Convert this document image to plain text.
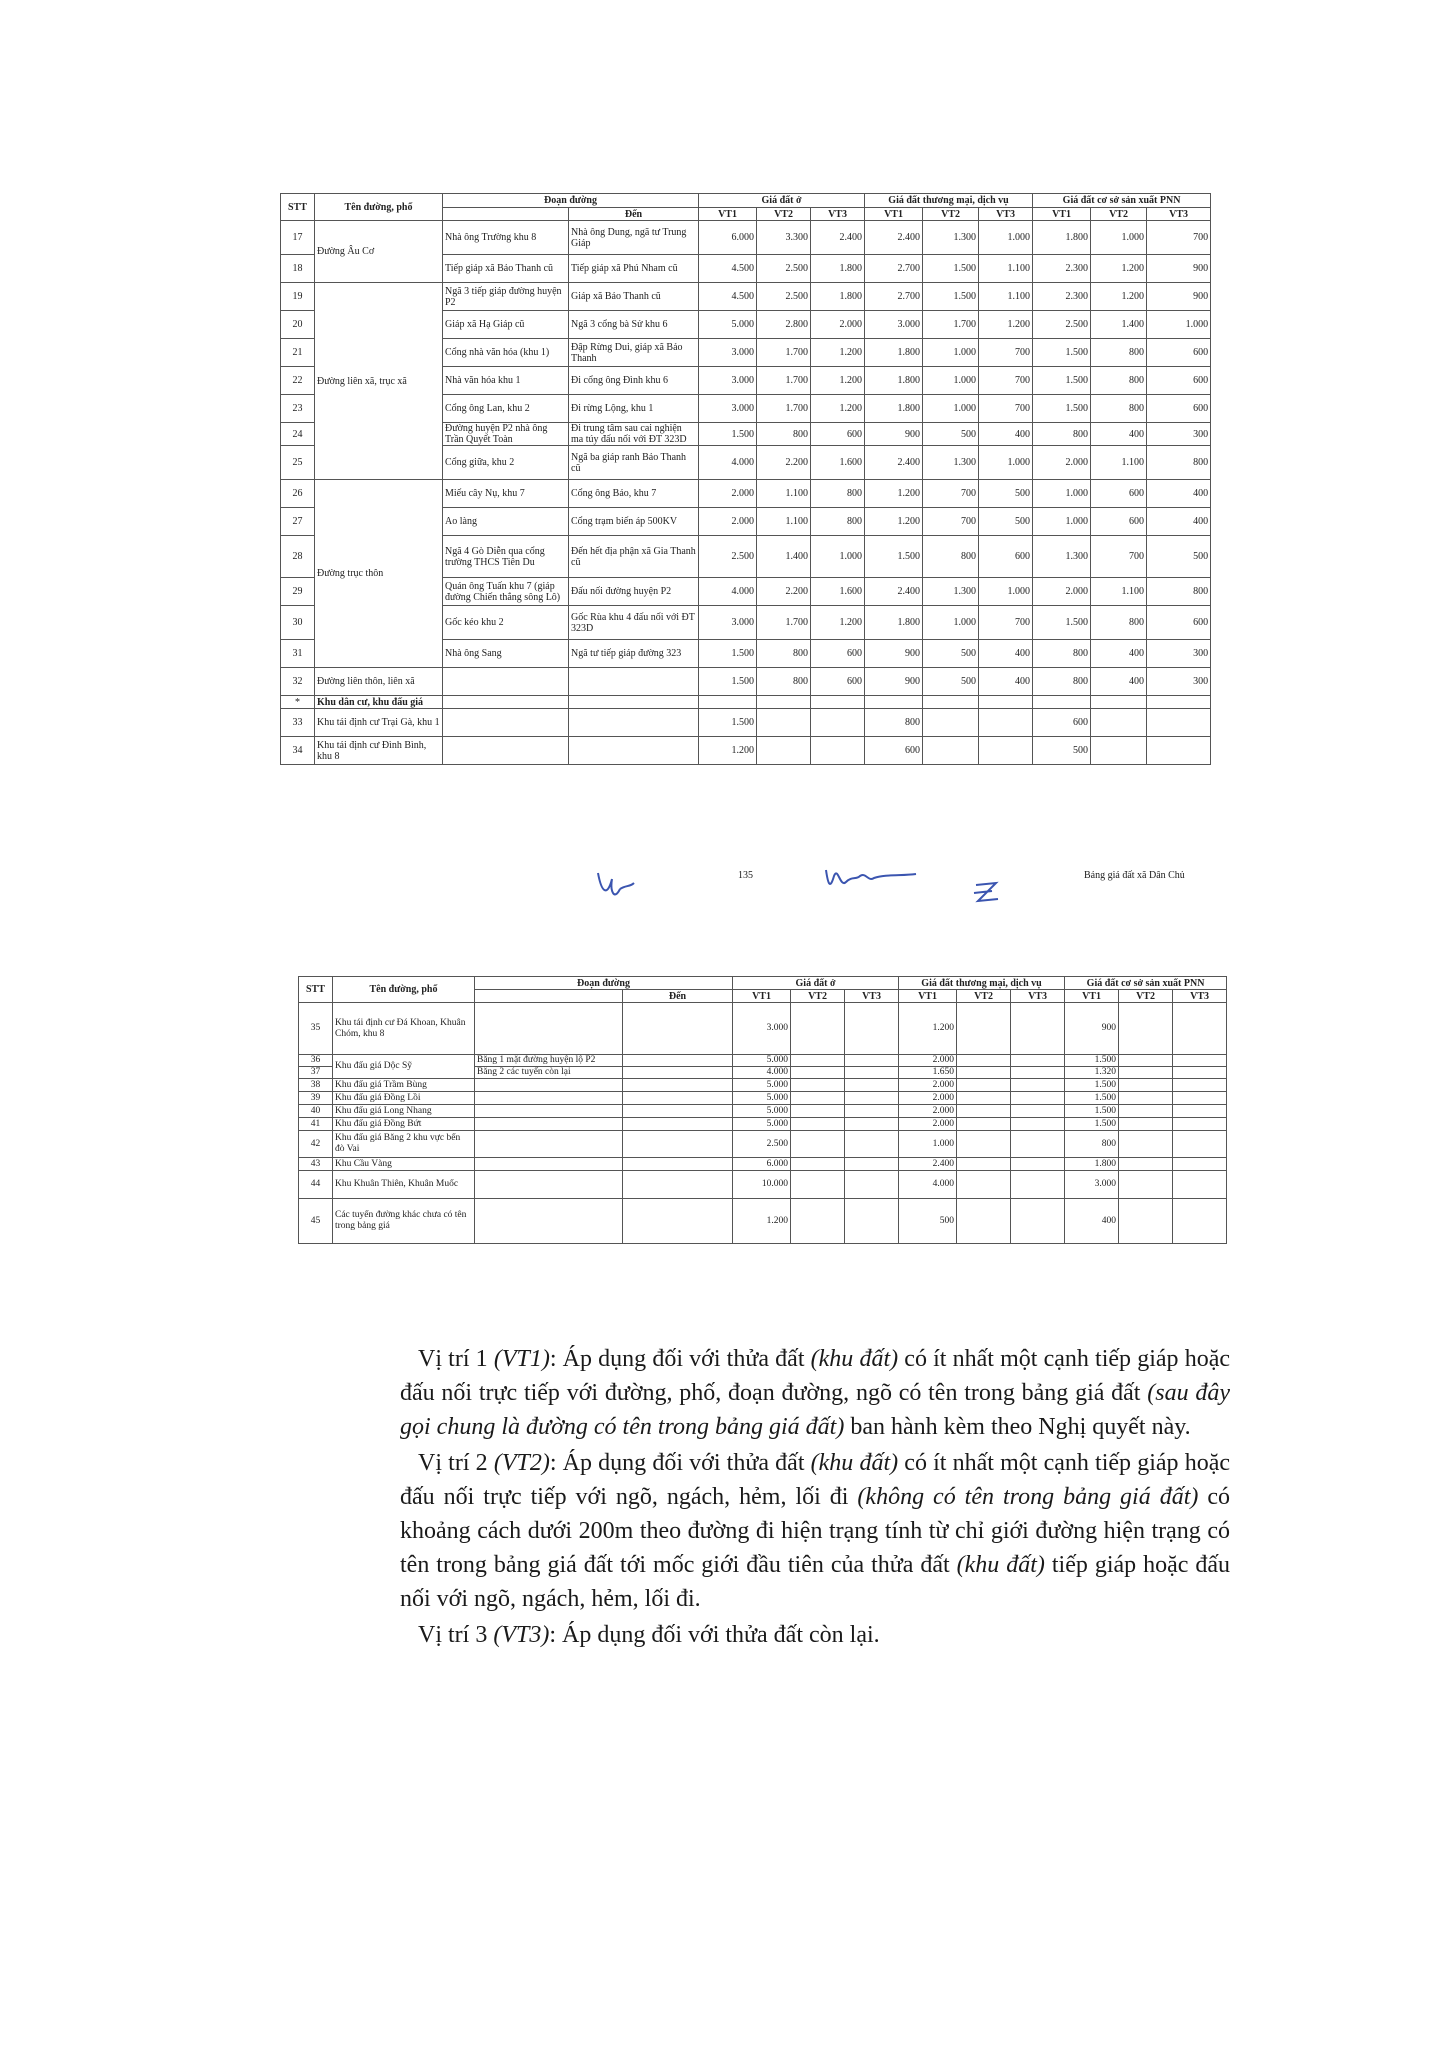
STT	Tên đường, phố	Đoạn đường		Giá đất ở			Giá đất thương mại, dịch vụ			Giá đất cơ sở sản xuất PNN		
			Đến	VT1	VT2	VT3	VT1	VT2	VT3	VT1	VT2	VT3
17	Đường Âu Cơ	Nhà ông Trường khu 8	Nhà ông Dung, ngã tư Trung Giáp	6.000	3.300	2.400	2.400	1.300	1.000	1.800	1.000	700
18		Tiếp giáp xã Bảo Thanh cũ	Tiếp giáp xã Phú Nham cũ	4.500	2.500	1.800	2.700	1.500	1.100	2.300	1.200	900
19	Đường liên xã, trục xã	Ngã 3 tiếp giáp đường huyện P2	Giáp xã Bảo Thanh cũ	4.500	2.500	1.800	2.700	1.500	1.100	2.300	1.200	900
20		Giáp xã Hạ Giáp cũ	Ngã 3 cổng bà Sử khu 6	5.000	2.800	2.000	3.000	1.700	1.200	2.500	1.400	1.000
21		Cổng nhà văn hóa (khu 1)	Đập Rừng Dui, giáp xã Bảo Thanh	3.000	1.700	1.200	1.800	1.000	700	1.500	800	600
22		Nhà văn hóa khu 1	Đi cổng ông Đình khu 6	3.000	1.700	1.200	1.800	1.000	700	1.500	800	600
23		Cổng ông Lan, khu 2	Đi rừng Lộng, khu 1	3.000	1.700	1.200	1.800	1.000	700	1.500	800	600
24		Đường huyện P2 nhà ông Trần Quyết Toàn	Đi trung tâm sau cai nghiện ma túy đấu nối với ĐT 323D	1.500	800	600	900	500	400	800	400	300
25		Cổng giữa, khu 2	Ngã ba giáp ranh Bảo Thanh cũ	4.000	2.200	1.600	2.400	1.300	1.000	2.000	1.100	800
26	Đường trục thôn	Miếu cây Nụ, khu 7	Cổng ông Bảo, khu 7	2.000	1.100	800	1.200	700	500	1.000	600	400
27		Ao làng	Cổng trạm biến áp 500KV	2.000	1.100	800	1.200	700	500	1.000	600	400
28		Ngã 4 Gò Diễn qua cổng trường THCS Tiên Du	Đến hết địa phận xã Gia Thanh cũ	2.500	1.400	1.000	1.500	800	600	1.300	700	500
29		Quán ông Tuấn khu 7 (giáp đường Chiến thắng sông Lô)	Đấu nối đường huyện P2	4.000	2.200	1.600	2.400	1.300	1.000	2.000	1.100	800
30		Gốc kéo khu 2	Gốc Rùa khu 4 đấu nối với ĐT 323D	3.000	1.700	1.200	1.800	1.000	700	1.500	800	600
31		Nhà ông Sang	Ngã tư tiếp giáp đường 323	1.500	800	600	900	500	400	800	400	300
32	Đường liên thôn, liên xã			1.500	800	600	900	500	400	800	400	300
*	Khu dân cư, khu đấu giá											
33	Khu tái định cư Trại Gà, khu 1			1.500			800			600		
34	Khu tái định cư Đình Bình, khu 8			1.200			600			500		
135	Bảng giá đất xã Dân Chủ
STT	Tên đường, phố	Đoạn đường		Giá đất ở			Giá đất thương mại, dịch vụ			Giá đất cơ sở sản xuất PNN		
			Đến	VT1	VT2	VT3	VT1	VT2	VT3	VT1	VT2	VT3
35	Khu tái định cư Đá Khoan, Khuân Chóm, khu 8			3.000			1.200			900		
36	Khu đấu giá Dộc Sỹ	Băng 1 mặt đường huyện lộ P2		5.000			2.000			1.500		
37		Băng 2 các tuyến còn lại		4.000			1.650			1.320		
38	Khu đấu giá Trầm Bùng			5.000			2.000			1.500		
39	Khu đấu giá Đồng Lồi			5.000			2.000			1.500		
40	Khu đấu giá Long Nhang			5.000			2.000			1.500		
41	Khu đấu giá Đồng Bứt			5.000			2.000			1.500		
42	Khu đấu giá Băng 2 khu vực bến đò Vai			2.500			1.000			800		
43	Khu Cầu Vàng			6.000			2.400			1.800		
44	Khu Khuân Thiên, Khuân Muốc			10.000			4.000			3.000		
45	Các tuyến đường khác chưa có tên trong bảng giá			1.200			500			400		

Vị trí 1 (VT1): Áp dụng đối với thửa đất (khu đất) có ít nhất một cạnh tiếp giáp hoặc đấu nối trực tiếp với đường, phố, đoạn đường, ngõ có tên trong bảng giá đất (sau đây gọi chung là đường có tên trong bảng giá đất) ban hành kèm theo Nghị quyết này.

Vị trí 2 (VT2): Áp dụng đối với thửa đất (khu đất) có ít nhất một cạnh tiếp giáp hoặc đấu nối trực tiếp với ngõ, ngách, hẻm, lối đi (không có tên trong bảng giá đất) có khoảng cách dưới 200m theo đường đi hiện trạng tính từ chỉ giới đường hiện trạng có tên trong bảng giá đất tới mốc giới đầu tiên của thửa đất (khu đất) tiếp giáp hoặc đấu nối với ngõ, ngách, hẻm, lối đi.

Vị trí 3 (VT3): Áp dụng đối với thửa đất còn lại.
